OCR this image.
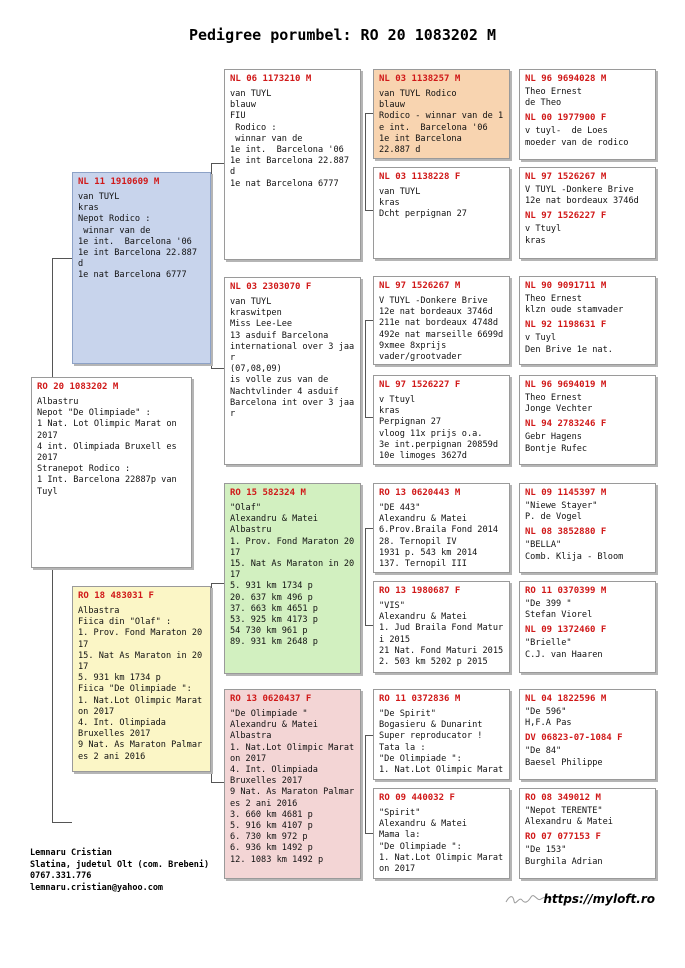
Pedigree porumbel: RO 20 1083202 M
RO 20 1083202 M
Albastru
Nepot "De Olimpiade" :
1 Nat. Lot Olimpic Marat on 2017
4 int. Olimpiada Bruxell es 2017
Stranepot Rodico :
1 Int. Barcelona 22887p van Tuyl
NL 11 1910609 M
van TUYL
kras
Nepot Rodico :
winnar van de
1e int.  Barcelona '06
1e int Barcelona 22.887 d
1e nat Barcelona 6777
RO 18 483031 F
Albastra
Fiica din "Olaf" :
1. Prov. Fond Maraton 20 17
15. Nat As Maraton in 20 17
5. 931 km 1734 p
Fiica "De Olimpiade ":
1. Nat.Lot Olimpic Marat on 2017
4. Int. Olimpiada Bruxelles 2017
9 Nat. As Maraton Palmar es 2 ani 2016
NL 06 1173210 M
van TUYL
blauw
FIU
Rodico :
winnar van de
1e int.  Barcelona '06
1e int Barcelona 22.887 d
1e nat Barcelona 6777
NL 03 2303070 F
van TUYL
kraswitpen
Miss Lee-Lee
13 asduif Barcelona international over 3 jaa r
(07,08,09)
is volle zus van de Nachtvlinder 4 asduif Barcelona int over 3 jaa r
RO 15 582324 M
"Olaf"
Alexandru & Matei
Albastru
1. Prov. Fond Maraton 20 17
15. Nat As Maraton in 20 17
5. 931 km 1734 p
20. 637 km 496 p
37. 663 km 4651 p
53. 925 km 4173 p
54 730 km 961 p
89. 931 km 2648 p
RO 13 0620437 F
"De Olimpiade "
Alexandru & Matei
Albastra
1. Nat.Lot Olimpic Marat on 2017
4. Int. Olimpiada Bruxelles 2017
9 Nat. As Maraton Palmar es 2 ani 2016
3. 660 km 4681 p
5. 916 km 4107 p
6. 730 km 972 p
6. 936 km 1492 p
12. 1083 km 1492 p
NL 03 1138257 M
van TUYL Rodico
blauw
Rodico - winnar van de 1 e int.  Barcelona '06
1e int Barcelona
22.887 d
NL 03 1138228 F
van TUYL
kras
Dcht perpignan 27
NL 97 1526267 M
V TUYL -Donkere Brive
12e nat bordeaux 3746d
211e nat bordeaux 4748d
492e nat marseille 6699d
9xmee 8xprijs
vader/grootvader
NL 97 1526227 F
v Ttuyl
kras
Perpignan 27
vloog 11x prijs o.a.
3e int.perpignan 20859d
10e limoges 3627d
RO 13 0620443 M
"DE 443"
Alexandru & Matei
6.Prov.Braila Fond 2014
28. Ternopil IV
1931 p. 543 km 2014
137. Ternopil III
RO 13 1980687 F
"VIS"
Alexandru & Matei
1. Jud Braila Fond Matur i 2015
21 Nat. Fond Maturi 2015
2. 503 km 5202 p 2015
RO 11 0372836 M
"De Spirit"
Bogasieru & Dunarint
Super reproducator !
Tata la :
"De Olimpiade ":
1. Nat.Lot Olimpic Marat
RO 09 440032 F
"Spirit"
Alexandru & Matei
Mama la:
"De Olimpiade ":
1. Nat.Lot Olimpic Marat on 2017
NL 96 9694028 M
Theo Ernest
de Theo
NL 00 1977900 F
v tuyl-  de Loes
moeder van de rodico
NL 97 1526267 M
V TUYL -Donkere Brive
12e nat bordeaux 3746d
NL 97 1526227 F
v Ttuyl
kras
NL 90 9091711 M
Theo Ernest
klzn oude stamvader
NL 92 1198631 F
v Tuyl
Den Brive 1e nat.
NL 96 9694019 M
Theo Ernest
Jonge Vechter
NL 94 2783246 F
Gebr Hagens
Bontje Rufec
NL 09 1145397 M
"Niewe Stayer"
P. de Vogel
NL 08 3852880 F
"BELLA"
Comb. Klija - Bloom
RO 11 0370399 M
"De 399 "
Stefan Viorel
NL 09 1372460 F
"Brielle"
C.J. van Haaren
NL 04 1822596 M
"De 596"
H,F.A Pas
DV 06823-07-1084 F
"De 84"
Baesel Philippe
RO 08 349012 M
"Nepot TERENTE"
Alexandru & Matei
RO 07 077153 F
"De 153"
Burghila Adrian
Lemnaru Cristian
Slatina, judetul Olt (com. Brebeni)
0767.331.776
lemnaru.cristian@yahoo.com
https://myloft.ro
